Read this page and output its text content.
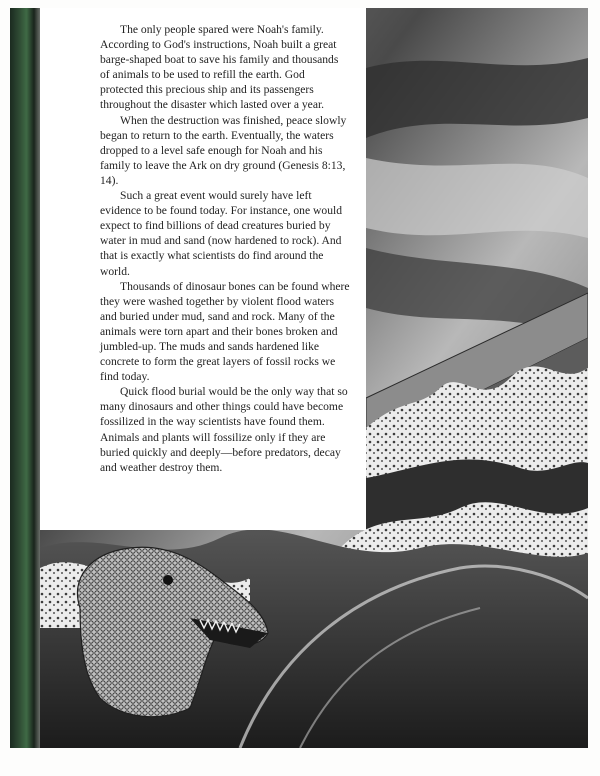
The only people spared were Noah's family. According to God's instructions, Noah built a great barge-shaped boat to save his family and thousands of animals to be used to refill the earth. God protected this precious ship and its passengers throughout the disaster which lasted over a year.

When the destruction was finished, peace slowly began to return to the earth. Eventually, the waters dropped to a level safe enough for Noah and his family to leave the Ark on dry ground (Genesis 8:13, 14).

Such a great event would surely have left evidence to be found today. For instance, one would expect to find billions of dead creatures buried by water in mud and sand (now hardened to rock). And that is exactly what scientists do find around the world.

Thousands of dinosaur bones can be found where they were washed together by violent flood waters and buried under mud, sand and rock. Many of the animals were torn apart and their bones broken and jumbled-up. The muds and sands hardened like concrete to form the great layers of fossil rocks we find today.

Quick flood burial would be the only way that so many dinosaurs and other things could have become fossilized in the way scientists have found them. Animals and plants will fossilize only if they are buried quickly and deeply—before predators, decay and weather destroy them.
